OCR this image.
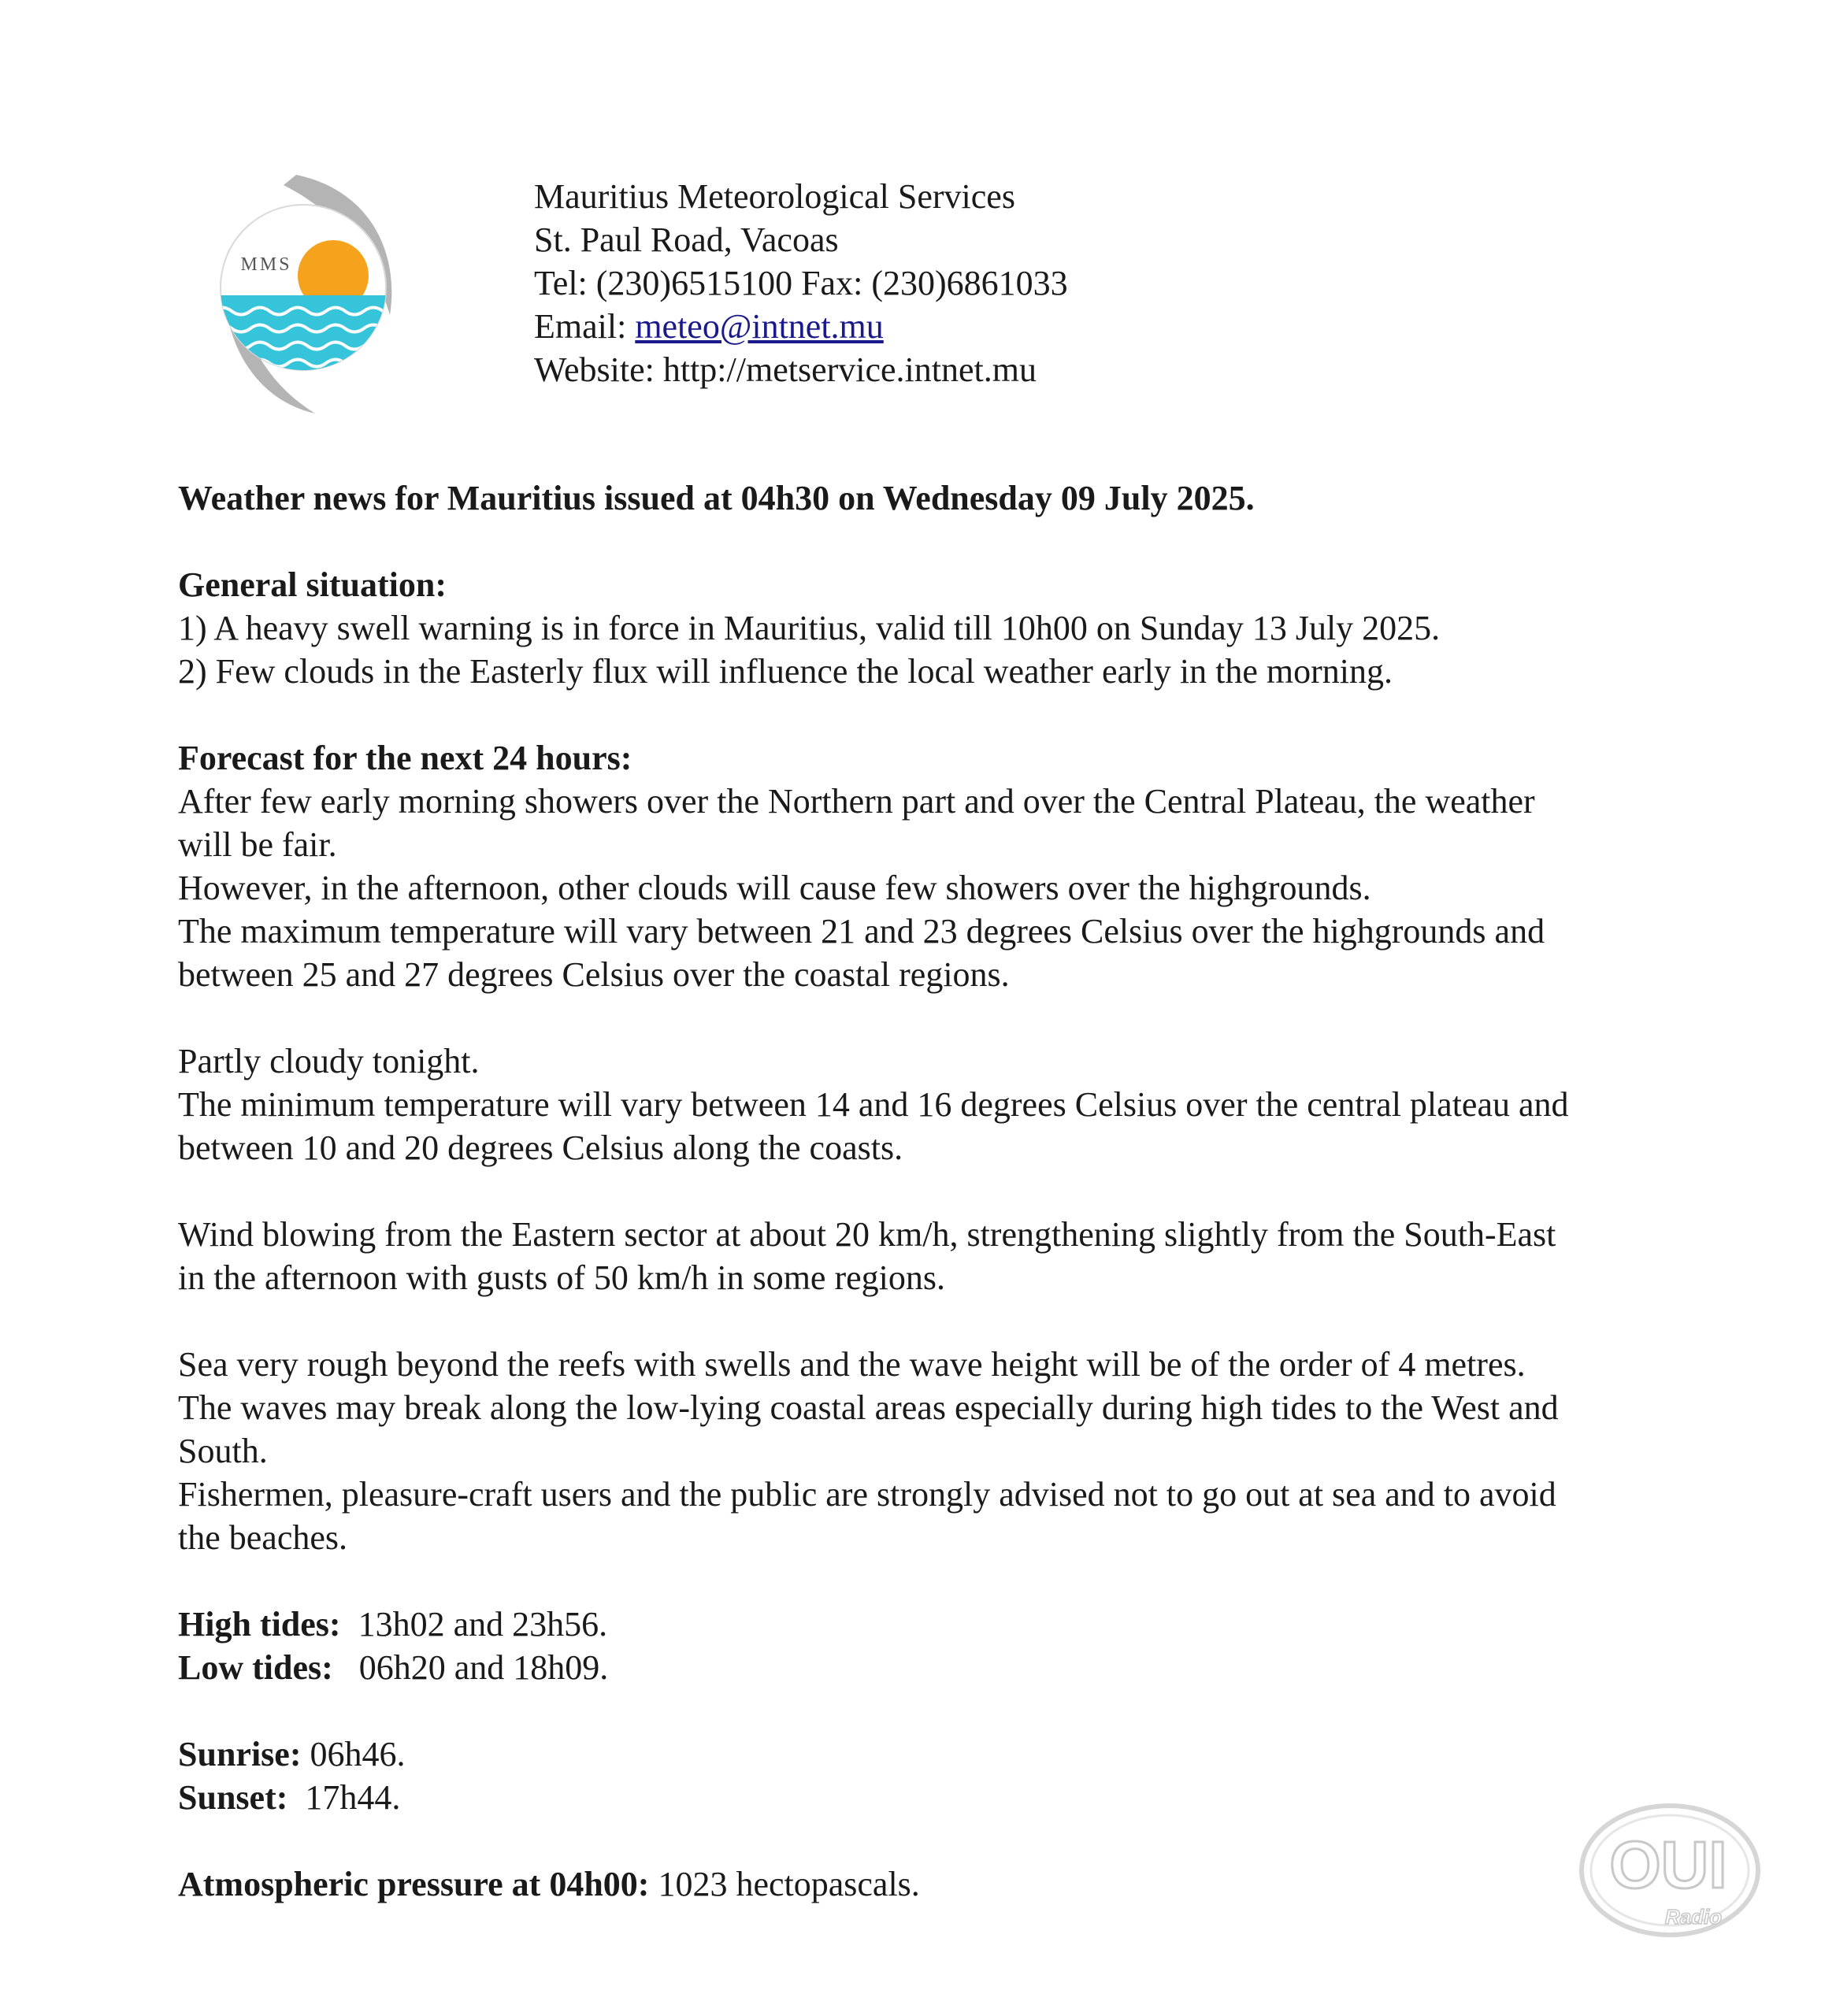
MMS
Mauritius Meteorological Services
St. Paul Road, Vacoas
Tel: (230)6515100 Fax: (230)6861033
Email: meteo@intnet.mu
Website: http://metservice.intnet.mu

Weather news for Mauritius issued at 04h30 on Wednesday 09 July 2025.

General situation:

1) A heavy swell warning is in force in Mauritius, valid till 10h00 on Sunday 13 July 2025.

2) Few clouds in the Easterly flux will influence the local weather early in the morning.

Forecast for the next 24 hours:

After few early morning showers over the Northern part and over the Central Plateau, the weather

will be fair.

However, in the afternoon, other clouds will cause few showers over the highgrounds.

The maximum temperature will vary between 21 and 23 degrees Celsius over the highgrounds and

between 25 and 27 degrees Celsius over the coastal regions.

Partly cloudy tonight.

The minimum temperature will vary between 14 and 16 degrees Celsius over the central plateau and

between 10 and 20 degrees Celsius along the coasts.

Wind blowing from the Eastern sector at about 20 km/h, strengthening slightly from the South-East

in the afternoon with gusts of 50 km/h in some regions.

Sea very rough beyond the reefs with swells and the wave height will be of the order of 4 metres.

The waves may break along the low-lying coastal areas especially during high tides to the West and

South.

Fishermen, pleasure-craft users and the public are strongly advised not to go out at sea and to avoid

the beaches.

High tides: 13h02 and 23h56.

Low tides: 06h20 and 18h09.

Sunrise: 06h46.

Sunset: 17h44.

Atmospheric pressure at 04h00: 1023 hectopascals.	OUI
Radio
